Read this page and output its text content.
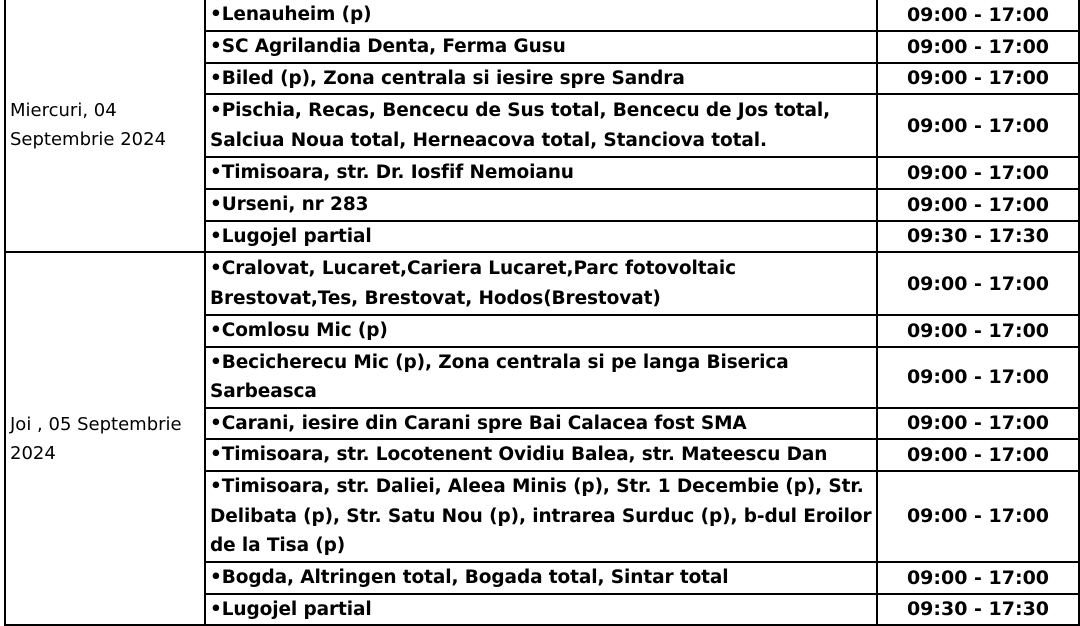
Miercuri, 04 Septembrie 2024	•Lenauheim (p)	09:00 - 17:00
	•SC Agrilandia Denta, Ferma Gusu	09:00 - 17:00
	•Biled (p), Zona centrala si iesire spre Sandra	09:00 - 17:00
	•Pischia, Recas, Bencecu de Sus total, Bencecu de Jos total, Salciua Noua total, Herneacova total, Stanciova total.	09:00 - 17:00
	•Timisoara, str. Dr. Iosfif Nemoianu	09:00 - 17:00
	•Urseni, nr 283	09:00 - 17:00
	•Lugojel partial	09:30 - 17:30
Joi , 05 Septembrie 2024	•Cralovat, Lucaret,Cariera Lucaret,Parc fotovoltaic Brestovat,Tes, Brestovat, Hodos(Brestovat)	09:00 - 17:00
	•Comlosu Mic (p)	09:00 - 17:00
	•Becicherecu Mic (p), Zona centrala si pe langa Biserica Sarbeasca	09:00 - 17:00
	•Carani, iesire din Carani spre Bai Calacea fost SMA	09:00 - 17:00
	•Timisoara, str. Locotenent Ovidiu Balea, str. Mateescu Dan	09:00 - 17:00
	•Timisoara, str. Daliei, Aleea Minis (p), Str. 1 Decembie (p), Str. Delibata (p), Str. Satu Nou (p), intrarea Surduc (p), b-dul Eroilor de la Tisa (p)	09:00 - 17:00
	•Bogda, Altringen total, Bogada total, Sintar total	09:00 - 17:00
	•Lugojel partial	09:30 - 17:30
